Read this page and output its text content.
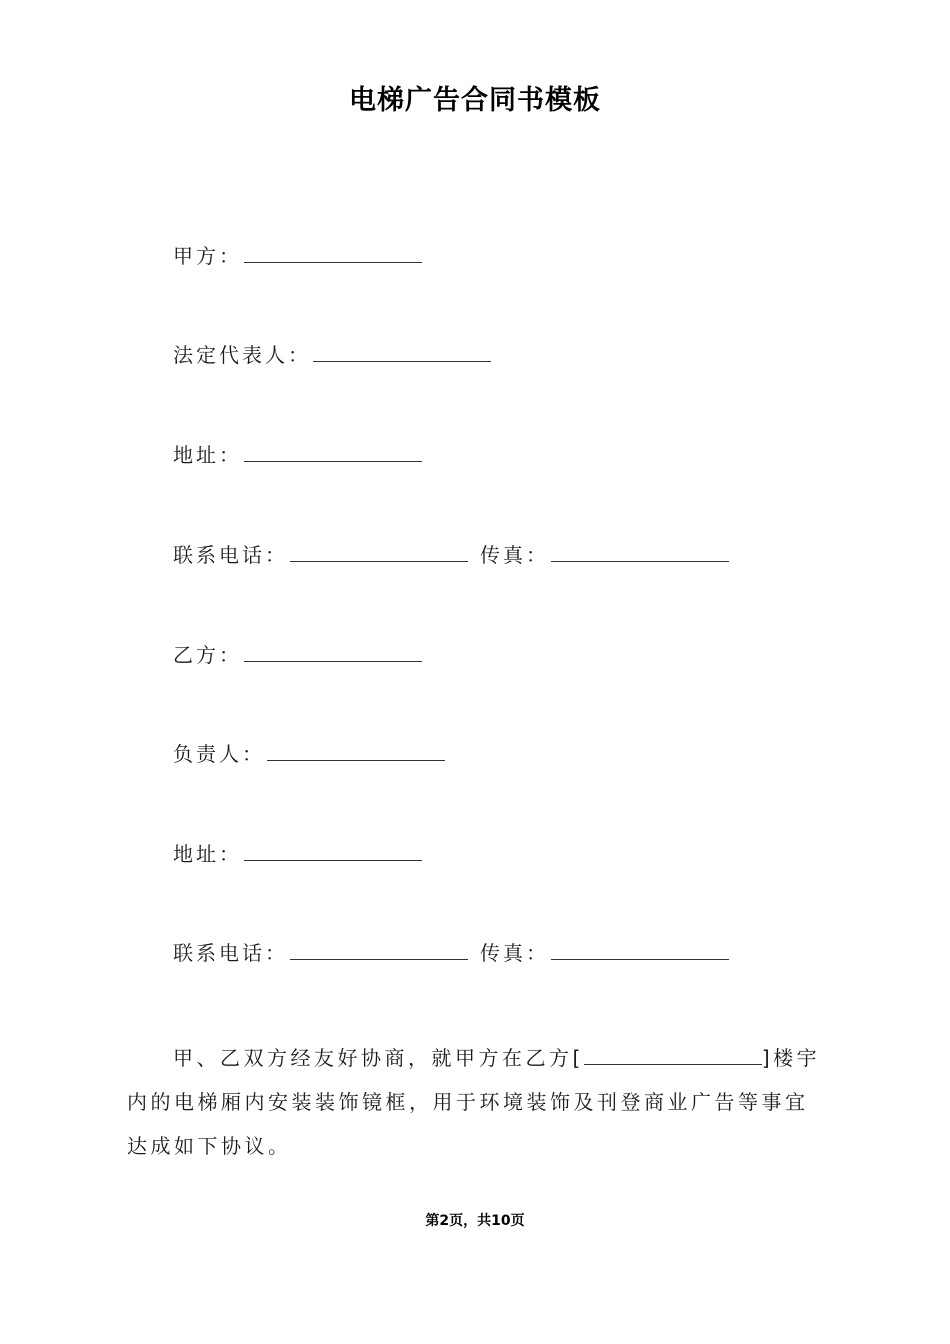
电梯广告合同书模板
甲方：
法定代表人：
地址：
联系电话：	传真：
乙方：
负责人：
地址：
联系电话：	传真：
甲、乙双方经友好协商，就甲方在乙方[	]楼宇内的电梯厢内安装装饰镜框，用于环境装饰及刊登商业广告等事宜达成如下协议。
第2页，共10页
